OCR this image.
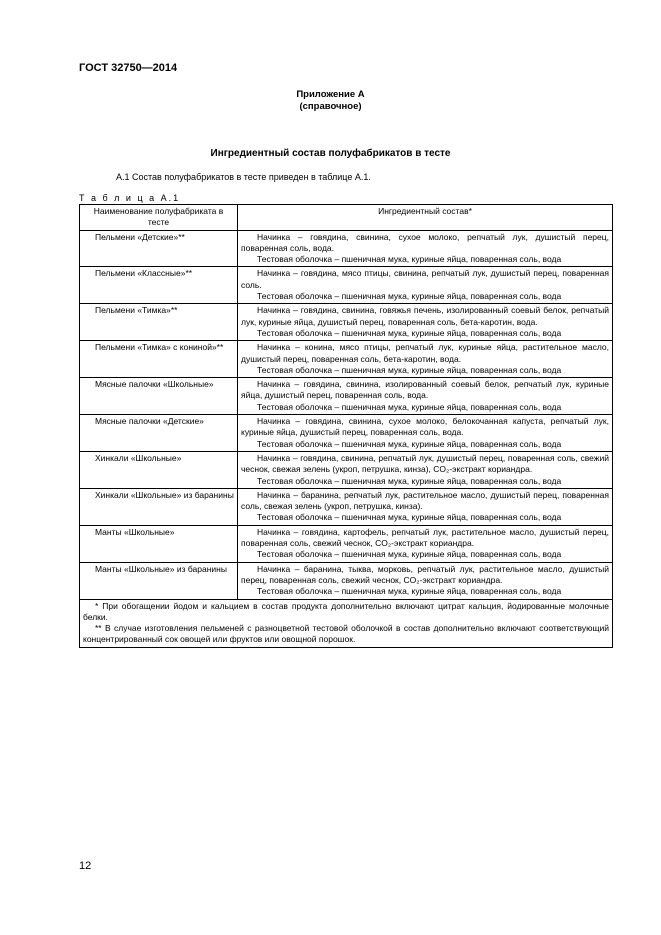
ГОСТ 32750—2014
Приложение А
(справочное)
Ингредиентный состав полуфабрикатов в тесте
А.1 Состав полуфабрикатов в тесте приведен в таблице А.1.
Т а б л и ц а А.1
Наименование полуфабриката в тесте	Ингредиентный состав*

Пельмени «Детские»**	Начинка – говядина, свинина, сухое молоко, репчатый лук, душистый перец, поваренная соль, вода.

Тестовая оболочка – пшеничная мука, куриные яйца, поваренная соль, вода

Пельмени «Классные»**	Начинка – говядина, мясо птицы, свинина, репчатый лук, душистый перец, поваренная соль.

Тестовая оболочка – пшеничная мука, куриные яйца, поваренная соль, вода

Пельмени «Тимка»**	Начинка – говядина, свинина, говяжья печень, изолированный соевый белок, репчатый лук, куриные яйца, душистый перец, поваренная соль, бета-каротин, вода.

Тестовая оболочка – пшеничная мука, куриные яйца, поваренная соль, вода

Пельмени «Тимка» с кониной»**	Начинка – конина, мясо птицы, репчатый лук, куриные яйца, растительное масло, душистый перец, поваренная соль, бета-каротин, вода.

Тестовая оболочка – пшеничная мука, куриные яйца, поваренная соль, вода

Мясные палочки «Школьные»	Начинка – говядина, свинина, изолированный соевый белок, репчатый лук, куриные яйца, душистый перец, поваренная соль, вода.

Тестовая оболочка – пшеничная мука, куриные яйца, поваренная соль, вода

Мясные палочки «Детские»	Начинка – говядина, свинина, сухое молоко, белокочанная капуста, репчатый лук, куриные яйца, душистый перец, поваренная соль, вода.

Тестовая оболочка – пшеничная мука, куриные яйца, поваренная соль, вода

Хинкали «Школьные»	Начинка – говядина, свинина, репчатый лук, душистый перец, поваренная соль, свежий чеснок, свежая зелень (укроп, петрушка, кинза), CO₂-экстракт кориандра.

Тестовая оболочка – пшеничная мука, куриные яйца, поваренная соль, вода

Хинкали «Школьные» из баранины	Начинка – баранина, репчатый лук, растительное масло, душистый перец, поваренная соль, свежая зелень (укроп, петрушка, кинза).

Тестовая оболочка – пшеничная мука, куриные яйца, поваренная соль, вода

Манты «Школьные»	Начинка – говядина, картофель, репчатый лук, растительное масло, душистый перец, поваренная соль, свежий чеснок, CO₂-экстракт кориандра.

Тестовая оболочка – пшеничная мука, куриные яйца, поваренная соль, вода

Манты «Школьные» из баранины	Начинка – баранина, тыква, морковь, репчатый лук, растительное масло, душистый перец, поваренная соль, свежий чеснок, CO₂-экстракт кориандра.

Тестовая оболочка – пшеничная мука, куриные яйца, поваренная соль, вода

* При обогащении йодом и кальцием в состав продукта дополнительно включают цитрат кальция, йодированные молочные белки.

** В случае изготовления пельменей с разноцветной тестовой оболочкой в состав дополнительно включают соответствующий концентрированный сок овощей или фруктов или овощной порошок.	

12
